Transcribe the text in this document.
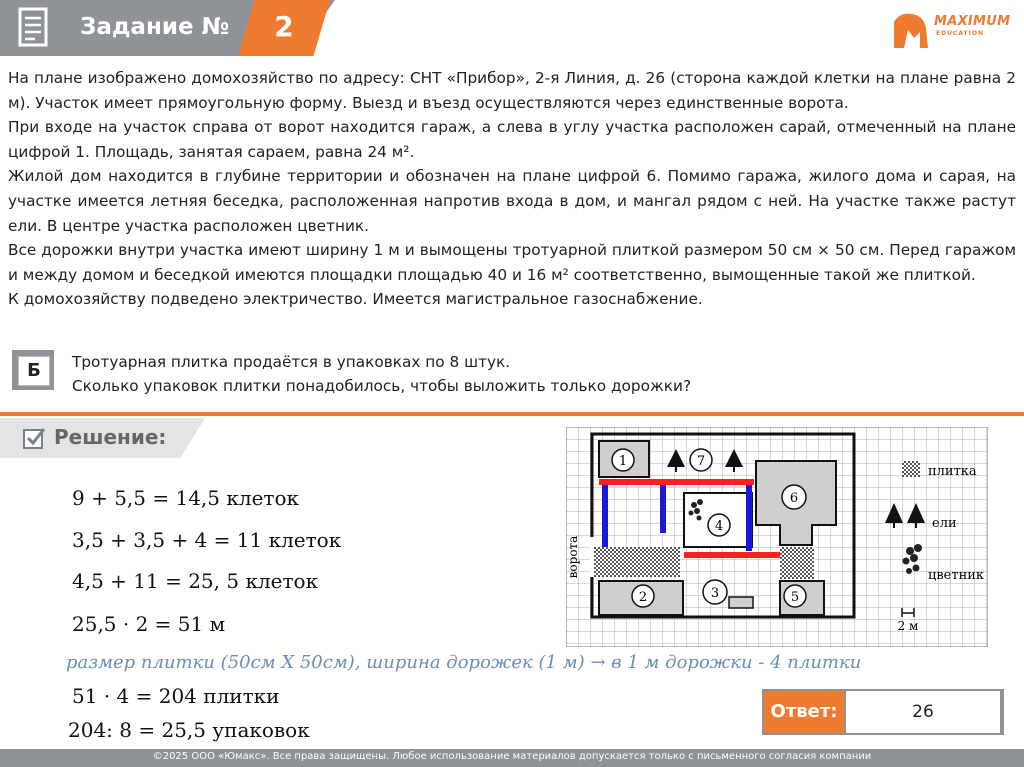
Задание №	2	MAXIMUM
EDUCATION

На плане изображено домохозяйство по адресу: СНТ «Прибор», 2-я Линия, д. 26 (сторона каждой клетки на плане равна 2 м). Участок имеет прямоугольную форму. Выезд и въезд осуществляются через единственные ворота.

При входе на участок справа от ворот находится гараж, а слева в углу участка расположен сарай, отмеченный на плане цифрой 1. Площадь, занятая сараем, равна 24 м².

Жилой дом находится в глубине территории и обозначен на плане цифрой 6. Помимо гаража, жилого дома и сарая, на участке имеется летняя беседка, расположенная напротив входа в дом, и мангал рядом с ней. На участке также растут ели. В центре участка расположен цветник.

Все дорожки внутри участка имеют ширину 1 м и вымощены тротуарной плиткой размером 50 см × 50 см. Перед гаражом и между домом и беседкой имеются площадки площадью 40 и 16 м² соответственно, вымощенные такой же плиткой.

К домохозяйству подведено электричество. Имеется магистральное газоснабжение.

Б	Тротуарная плитка продаётся в упаковках по 8 штук.
Сколько упаковок плитки понадобилось, чтобы выложить только дорожки?
Решение:
9 + 5,5 = 14,5 клеток
3,5 + 3,5 + 4 = 11 клеток
4,5 + 11 = 25, 5 клеток
25,5 · 2 = 51 м
размер плитки (50см Х 50см), ширина дорожек (1 м) → в 1 м дорожки - 4 плитки
51 · 4 = 204 плитки
204: 8 = 25,5 упаковок
1
2	3
4
5
6
7
ворота
плитка
ели
цветник
2 м
Ответ:	26
©2025 ООО «Юмакс». Все права защищены. Любое использование материалов допускается только с письменного согласия компании
